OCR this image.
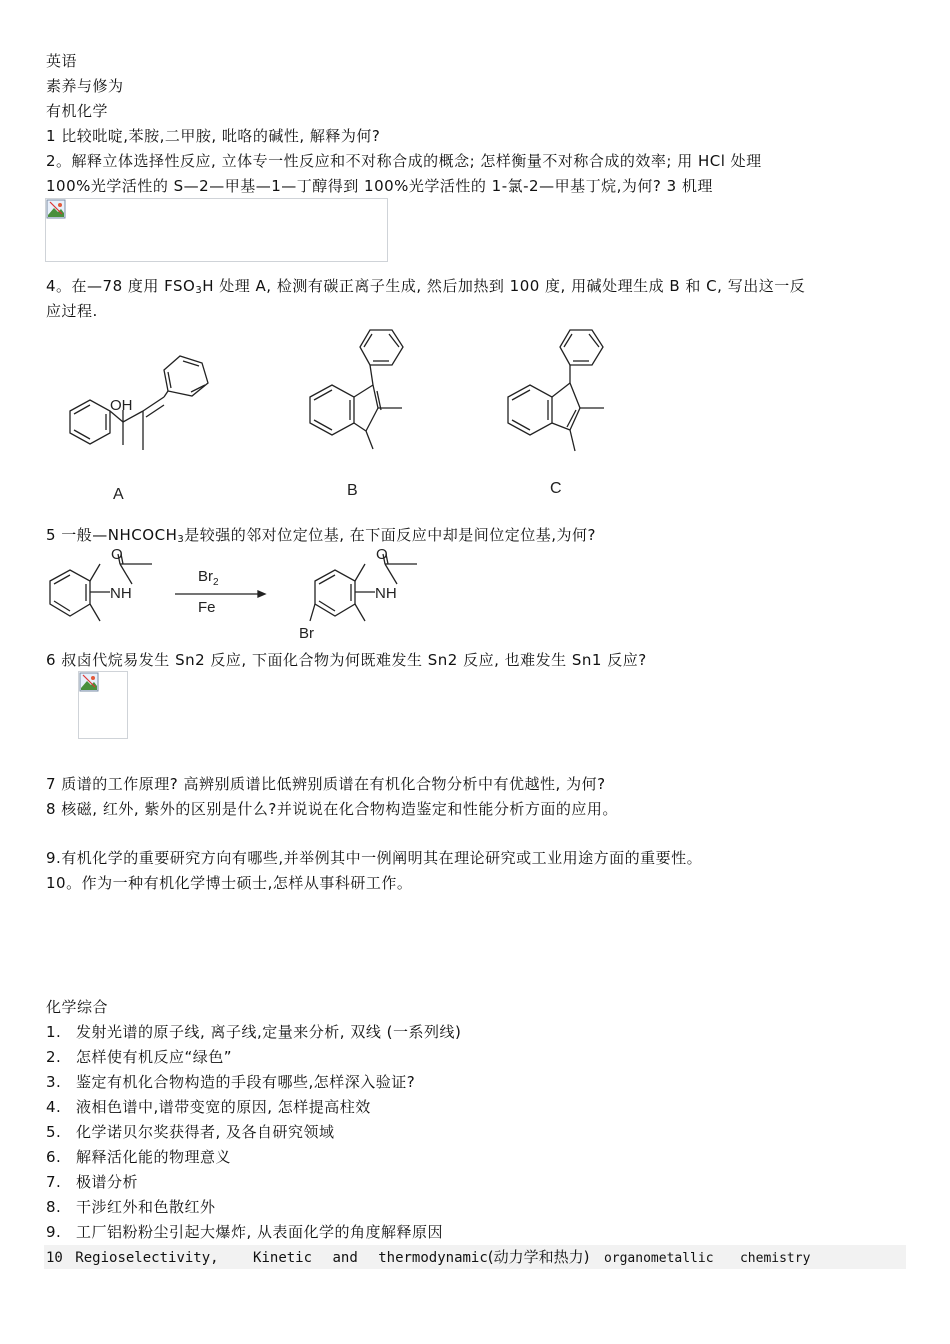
英语
素养与修为
有机化学
1 比较吡啶,苯胺,二甲胺, 吡咯的碱性, 解释为何?
2。解释立体选择性反应, 立体专一性反应和不对称合成的概念; 怎样衡量不对称合成的效率; 用 HCl 处理
100%光学活性的 S—2—甲基—1—丁醇得到 100%光学活性的 1-氯-2—甲基丁烷,为何? 3 机理
4。在—78 度用 $FSO_3H$ 处理 A, 检测有碳正离子生成, 然后加热到 100 度, 用碱处理生成 B 和 C, 写出这一反
应过程.
OH
A	B	C
5 一般$—NHCOCH_3$是较强的邻对位定位基, 在下面反应中却是间位定位基,为何?
O
NH
$Br_2$
Fe
O
NH
Br
6 叔卤代烷易发生 Sn2 反应, 下面化合物为何既难发生 Sn2 反应, 也难发生 Sn1 反应?
7 质谱的工作原理? 高辨别质谱比低辨别质谱在有机化合物分析中有优越性, 为何?
8 核磁, 红外, 紫外的区别是什么?并说说在化合物构造鉴定和性能分析方面的应用。
9.有机化学的重要研究方向有哪些,并举例其中一例阐明其在理论研究或工业用途方面的重要性。
10。作为一种有机化学博士硕士,怎样从事科研工作。
化学综合
1. 发射光谱的原子线, 离子线,定量来分析, 双线 (一系列线)
2. 怎样使有机反应“绿色”
3. 鉴定有机化合物构造的手段有哪些,怎样深入验证?
4. 液相色谱中,谱带变宽的原因, 怎样提高柱效
5. 化学诺贝尔奖获得者, 及各自研究领域
6. 解释活化能的物理意义
7. 极谱分析
8. 干涉红外和色散红外
9. 工厂铝粉粉尘引起大爆炸, 从表面化学的角度解释原因
10 Regioselectivity, Kinetic and thermodynamic(动力学和热力) organometallic chemistry
